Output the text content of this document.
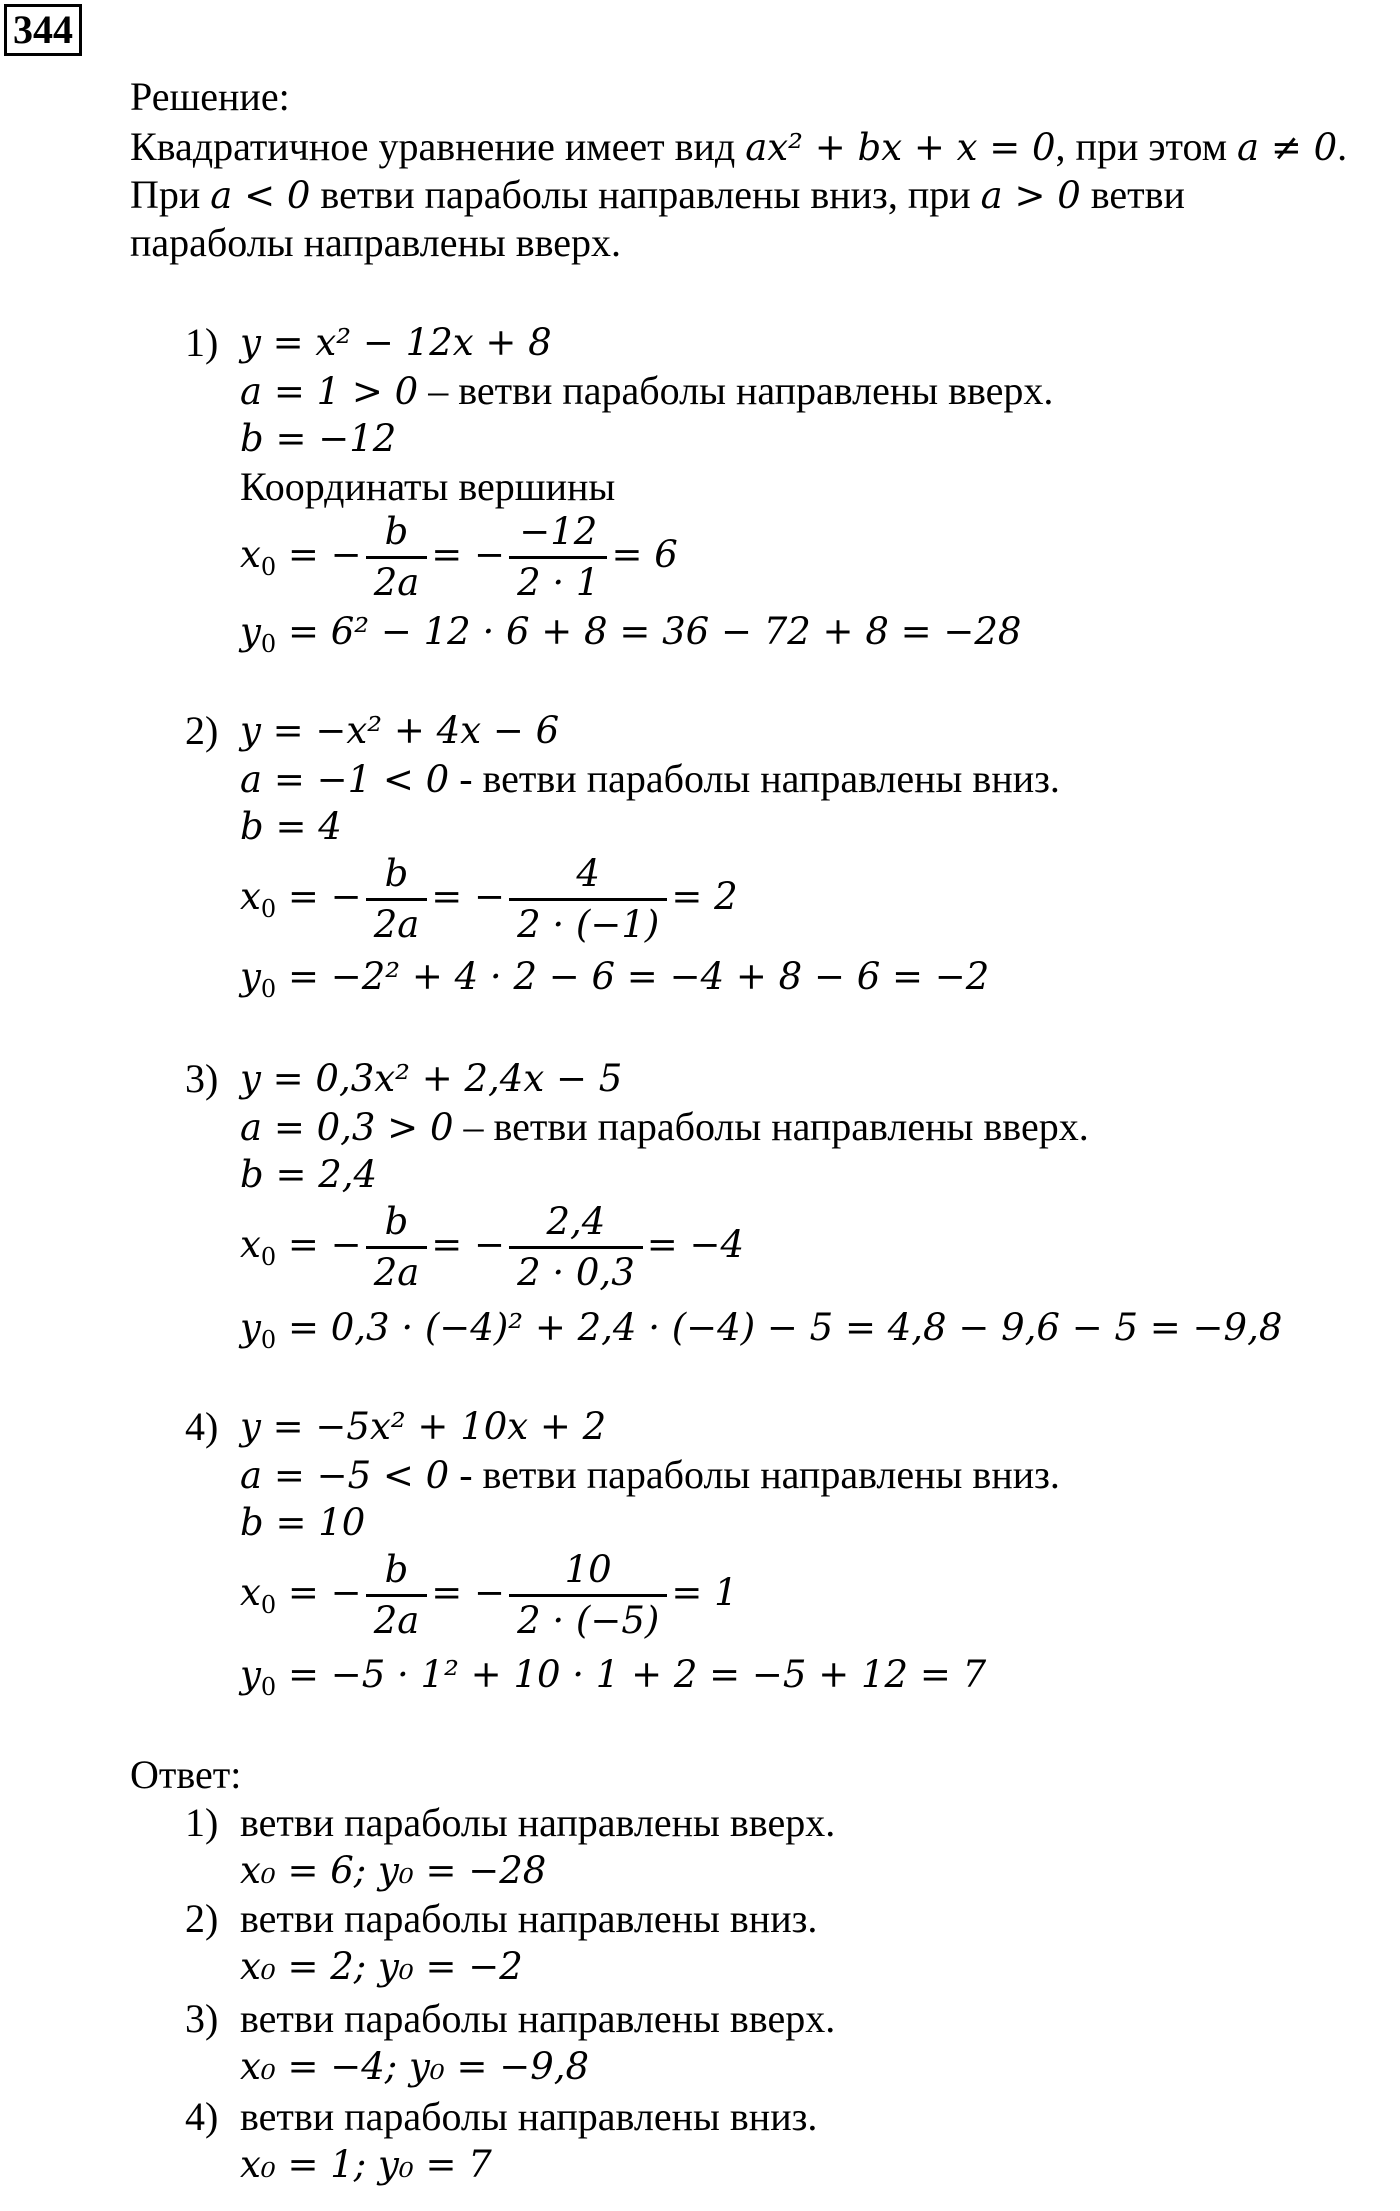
344
Решение:
Квадратичное уравнение имеет вид ax² + bx + x = 0, при этом a ≠ 0.
При a < 0 ветви параболы направлены вниз, при a > 0 ветви
параболы направлены вверх.
1) y = x² − 12x + 8
a = 1 > 0 – ветви параболы направлены вверх.
b = −12
Координаты вершины
$x_0$ = − $\frac{b}{2a}$ = − $\frac{-12}{2 \cdot 1} = 6$
$y_0 = 6^2 - 12 \cdot 6 + 8 = 36 - 72 + 8 = -28$
2) y = −x² + 4x − 6
a = −1 < 0 - ветви параболы направлены вниз.
b = 4
$x_0$ = − $\frac{b}{2a}$ = − $\frac{4}{2 \cdot (-1)} = 2$
$y_0 = -2^2 + 4 \cdot 2 - 6 = -4 + 8 - 6 = -2$
3) y = 0,3x² + 2,4x − 5
a = 0,3 > 0 – ветви параболы направлены вверх.
b = 2,4
$x_0$ = − $\frac{b}{2a}$ = − $\frac{2,4}{2 \cdot 0,3} = -4$
$y_0 = 0,3 \cdot (-4)^2 + 2,4 \cdot (-4) - 5 = 4,8 - 9,6 - 5 = -9,8$
4) y = −5x² + 10x + 2
a = −5 < 0 - ветви параболы направлены вниз.
b = 10
$x_0$ = − $\frac{b}{2a}$ = − $\frac{10}{2 \cdot (-5)} = 1$
$y_0 = -5 \cdot 1^2 + 10 \cdot 1 + 2 = -5 + 12 = 7$
Ответ:
1) ветви параболы направлены вверх.
x₀ = 6; y₀ = −28
2) ветви параболы направлены вниз.
x₀ = 2; y₀ = −2
3) ветви параболы направлены вверх.
x₀ = −4; y₀ = −9,8
4) ветви параболы направлены вниз.
x₀ = 1; y₀ = 7
